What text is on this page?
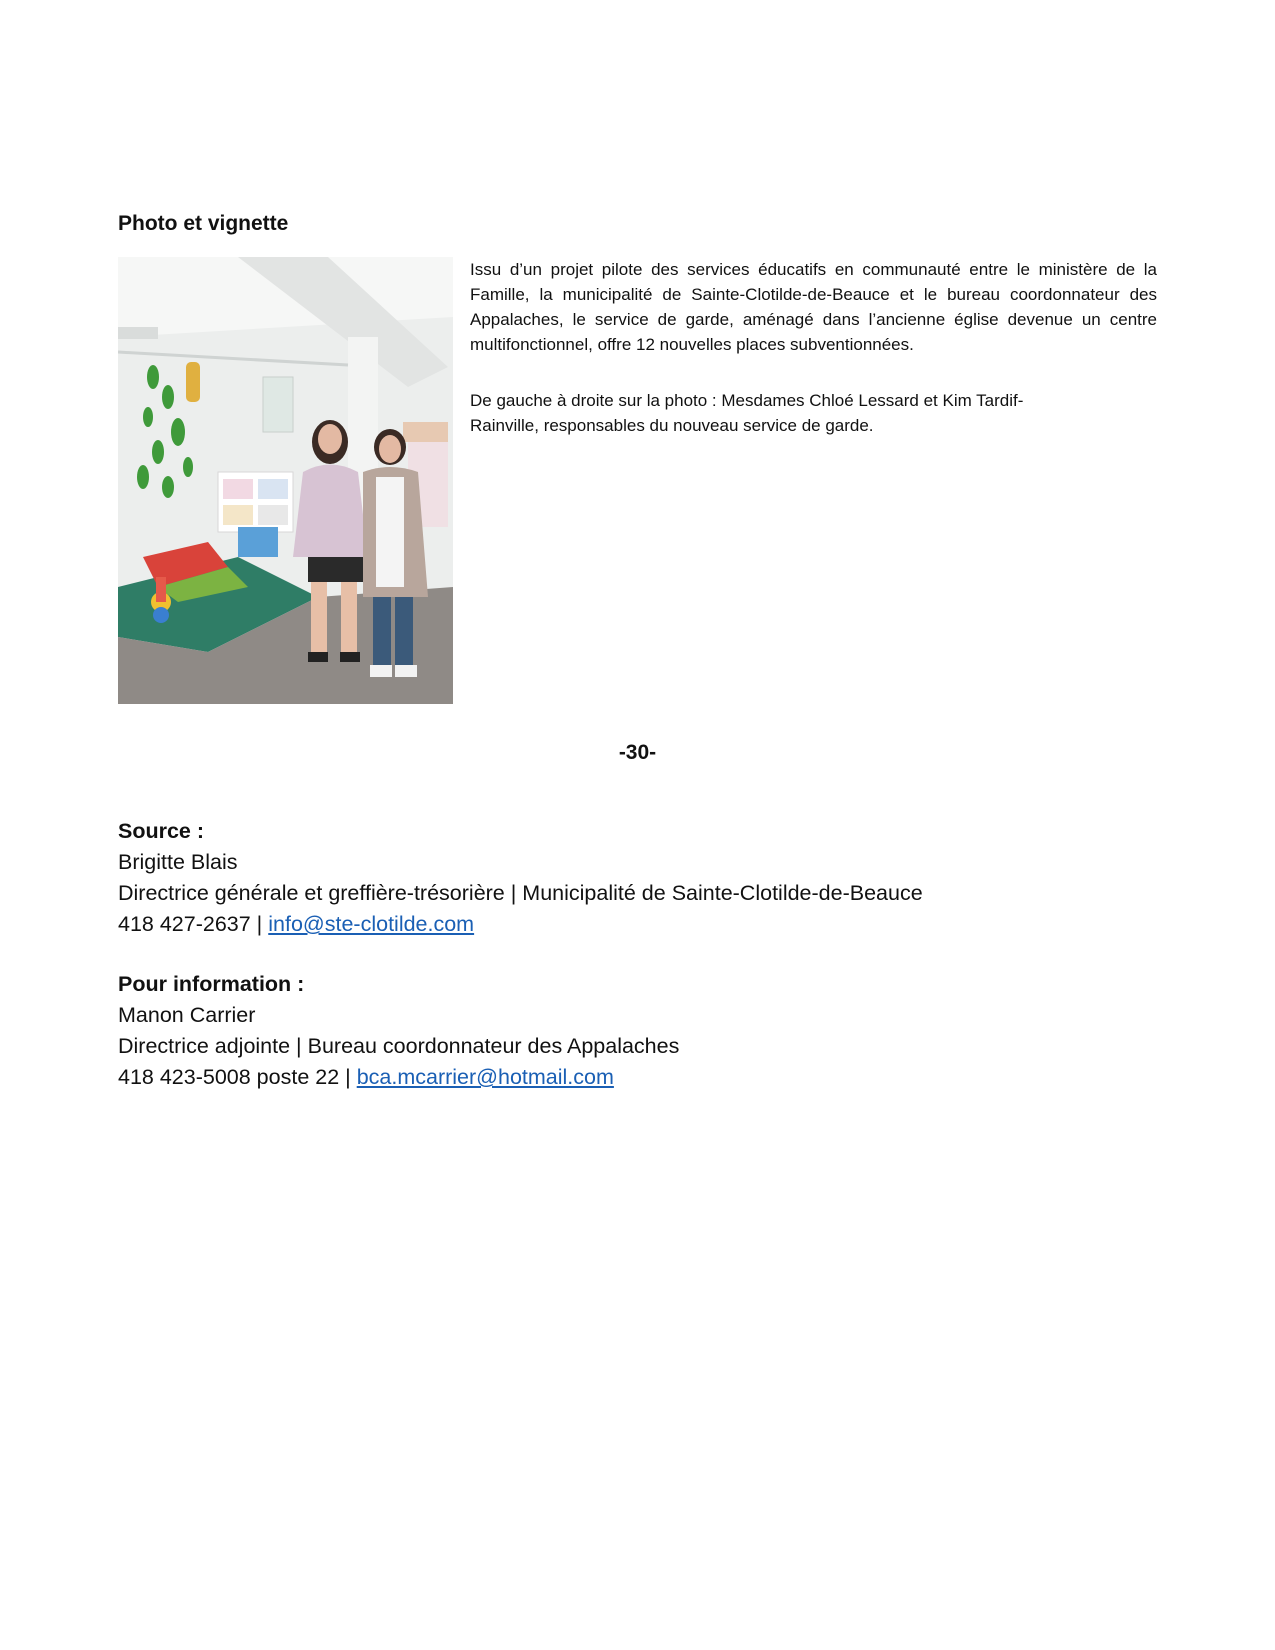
Photo et vignette

Issu d’un projet pilote des services éducatifs en communauté entre le ministère de la Famille, la municipalité de Sainte-Clotilde-de-Beauce et le bureau coordonnateur des Appalaches, le service de garde, aménagé dans l’ancienne église devenue un centre multifonctionnel, offre 12 nouvelles places subventionnées.

De gauche à droite sur la photo : Mesdames Chloé Lessard et Kim Tardif-
Rainville, responsables du nouveau service de garde.

-30-
Source :
Brigitte Blais
Directrice générale et greffière-trésorière | Municipalité de Sainte-Clotilde-de-Beauce
418 427-2637 | info@ste-clotilde.com
Pour information :
Manon Carrier
Directrice adjointe | Bureau coordonnateur des Appalaches
418 423-5008 poste 22 | bca.mcarrier@hotmail.com
